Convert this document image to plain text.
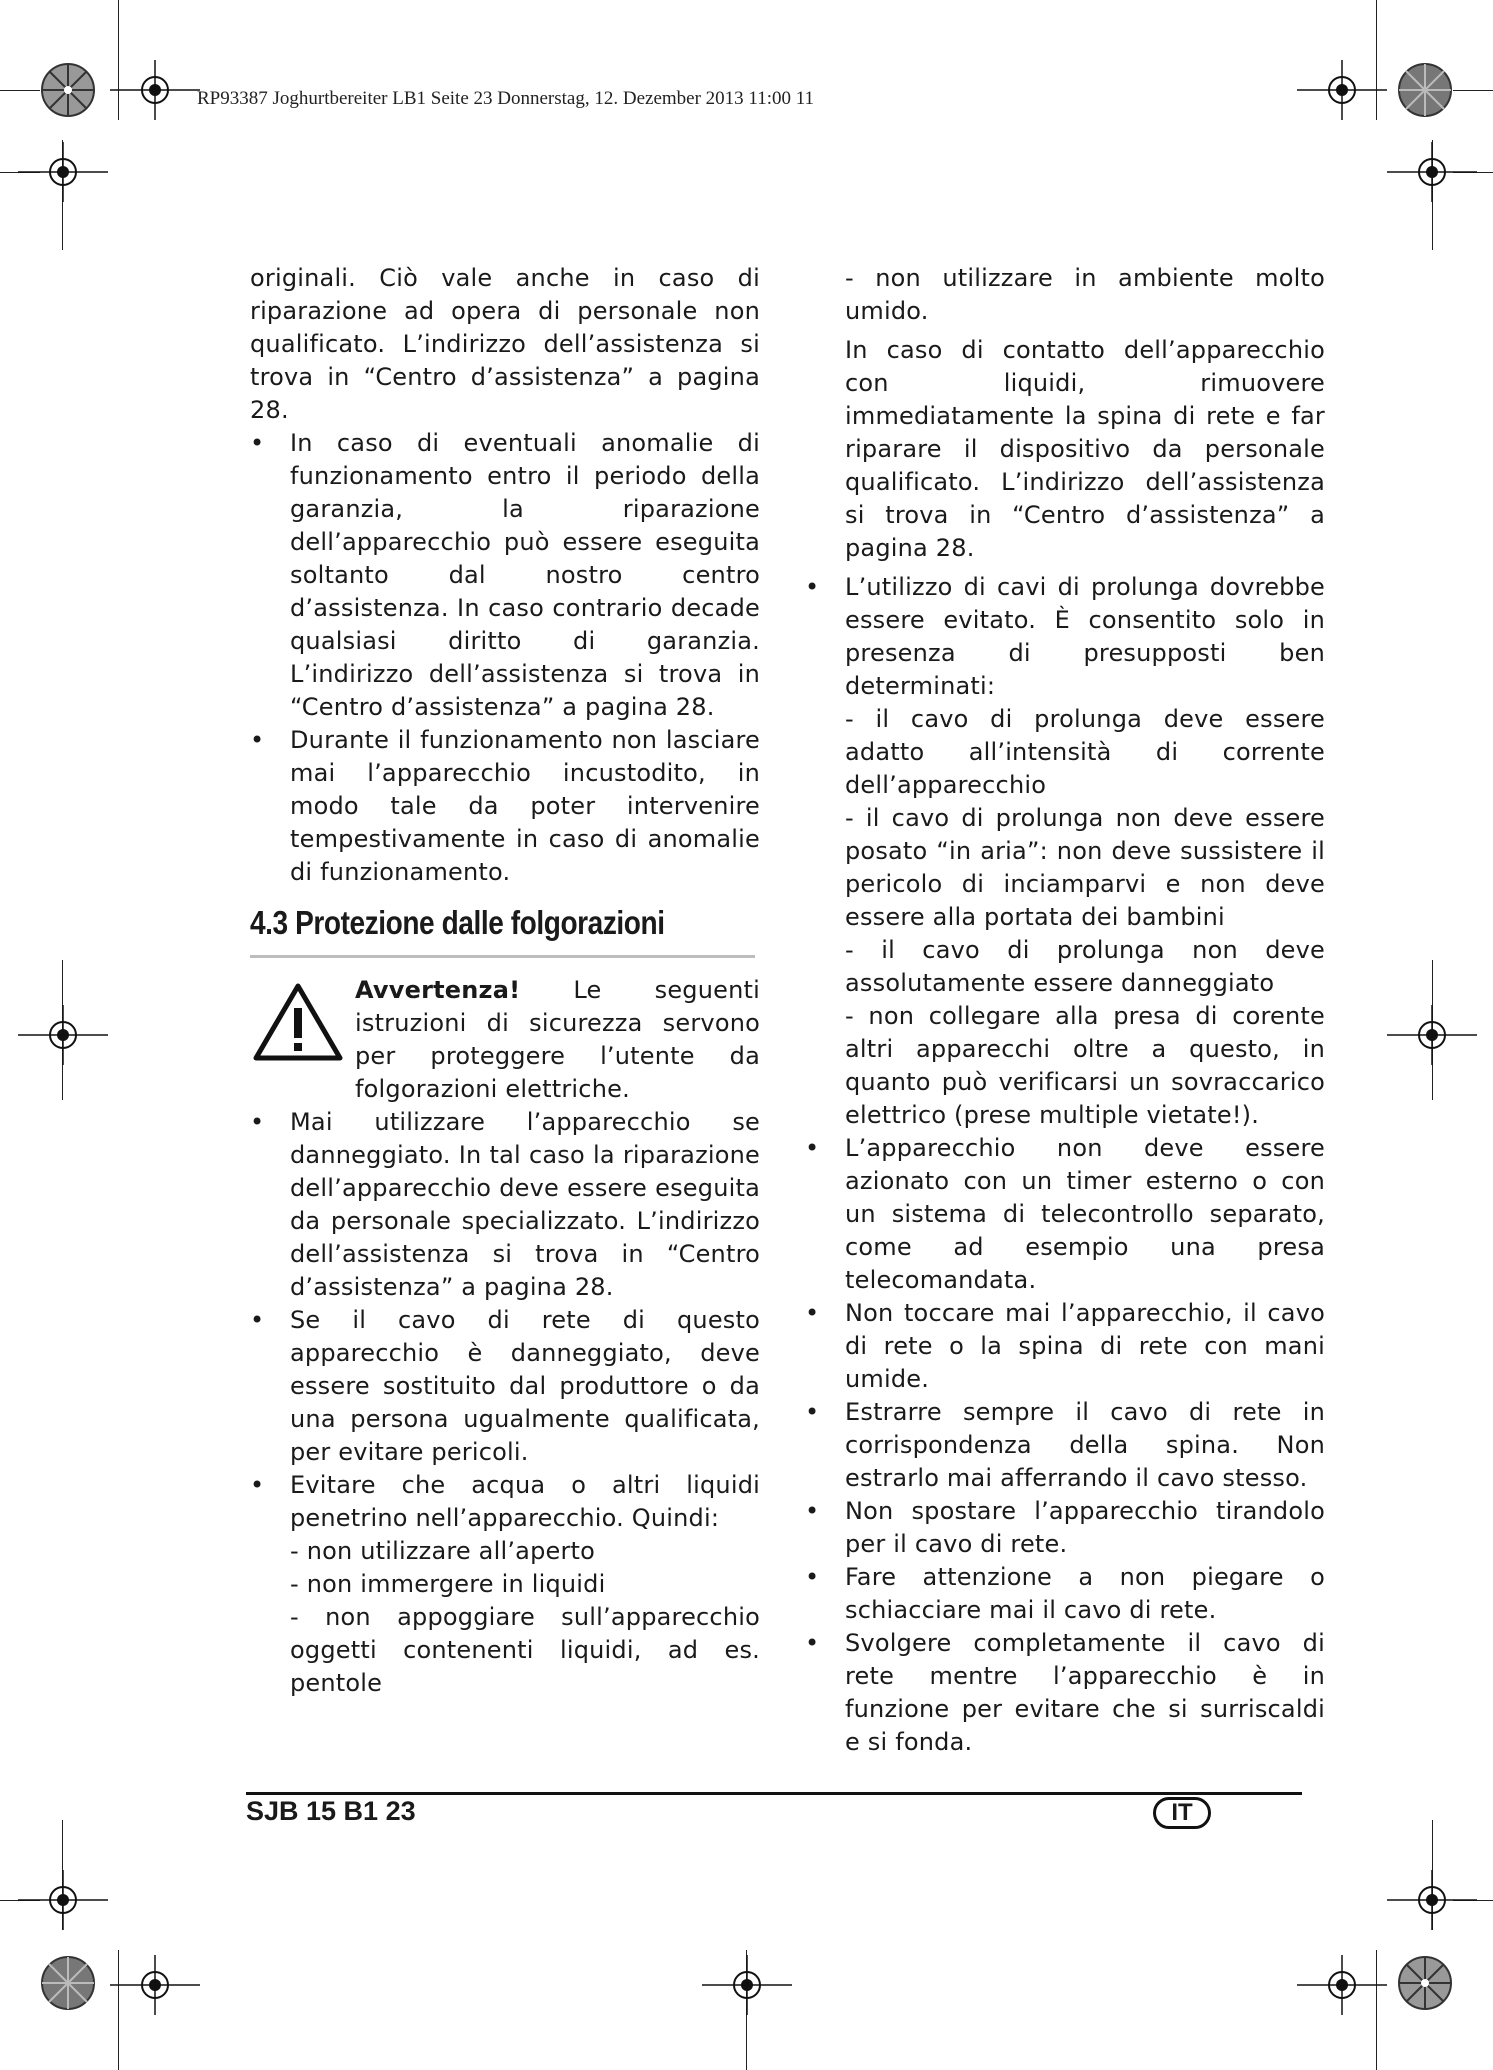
RP93387 Joghurtbereiter LB1 Seite 23 Donnerstag, 12. Dezember 2013 11:00 11

originali. Ciò vale anche in caso di riparazione ad opera di personale non qualificato. L’indirizzo dell’assistenza si trova in “Centro d’assistenza” a pagina 28.

•	In caso di eventuali anomalie di funzionamento entro il periodo della garanzia, la riparazione dell’apparecchio può essere eseguita soltanto dal nostro centro d’assistenza. In caso contrario decade qualsiasi diritto di garanzia. L’indirizzo dell’assistenza si trova in “Centro d’assistenza” a pagina 28.
•	Durante il funzionamento non lasciare mai l’apparecchio incustodito, in modo tale da poter intervenire tempestivamente in caso di anomalie di funzionamento.
4.3 Protezione dalle folgorazioni

Avvertenza! Le seguenti istruzioni di sicurezza servono per proteggere l’utente da folgorazioni elettriche.

•	Mai utilizzare l’apparecchio se danneggiato. In tal caso la riparazione dell’apparecchio deve essere eseguita da personale specializzato. L’indirizzo dell’assistenza si trova in “Centro d’assistenza” a pagina 28.
•	Se il cavo di rete di questo apparecchio è danneggiato, deve essere sostituito dal produttore o da una persona ugualmente qualificata, per evitare pericoli.
•	Evitare che acqua o altri liquidi penetrino nell’apparecchio. Quindi:

- non utilizzare all’aperto

- non immergere in liquidi

- non appoggiare sull’apparecchio oggetti contenenti liquidi, ad es. pentole

- non utilizzare in ambiente molto umido.

In caso di contatto dell’apparecchio con liquidi, rimuovere immediatamente la spina di rete e far riparare il dispositivo da personale qualificato. L’indirizzo dell’assistenza si trova in “Centro d’assistenza” a pagina 28.

•	L’utilizzo di cavi di prolunga dovrebbe essere evitato. È consentito solo in presenza di presupposti ben determinati:

- il cavo di prolunga deve essere adatto all’intensità di corrente dell’apparecchio

- il cavo di prolunga non deve essere posato “in aria”: non deve sussistere il pericolo di inciamparvi e non deve essere alla portata dei bambini

- il cavo di prolunga non deve assolutamente essere danneggiato

- non collegare alla presa di corente altri apparecchi oltre a questo, in quanto può verificarsi un sovraccarico elettrico (prese multiple vietate!).

•	L’apparecchio non deve essere azionato con un timer esterno o con un sistema di telecontrollo separato, come ad esempio una presa telecomandata.
•	Non toccare mai l’apparecchio, il cavo di rete o la spina di rete con mani umide.
•	Estrarre sempre il cavo di rete in corrispondenza della spina. Non estrarlo mai afferrando il cavo stesso.
•	Non spostare l’apparecchio tirandolo per il cavo di rete.
•	Fare attenzione a non piegare o schiacciare mai il cavo di rete.
•	Svolgere completamente il cavo di rete mentre l’apparecchio è in funzione per evitare che si surriscaldi e si fonda.
SJB 15 B1 23	IT
